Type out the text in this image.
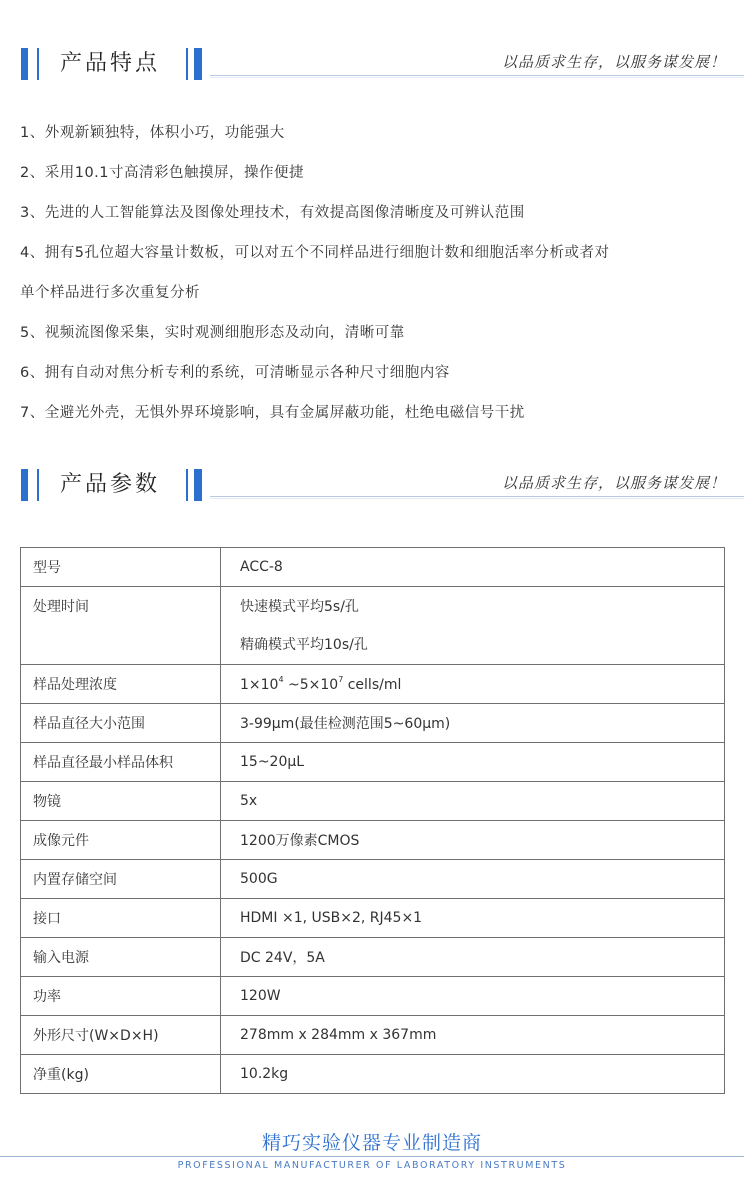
产品特点	以品质求生存，以服务谋发展！
1、外观新颖独特，体积小巧，功能强大
2、采用10.1寸高清彩色触摸屏，操作便捷
3、先进的人工智能算法及图像处理技术，有效提高图像清晰度及可辨认范围
4、拥有5孔位超大容量计数板，可以对五个不同样品进行细胞计数和细胞活率分析或者对
单个样品进行多次重复分析
5、视频流图像采集，实时观测细胞形态及动向，清晰可靠
6、拥有自动对焦分析专利的系统，可清晰显示各种尺寸细胞内容
7、全避光外壳，无惧外界环境影响，具有金属屏蔽功能，杜绝电磁信号干扰
产品参数	以品质求生存，以服务谋发展！
型号	ACC-8
处理时间	快速模式平均5s/孔
精确模式平均10s/孔

样品处理浓度	$1\times 10^4$ $\sim 5\times 10^7$ cells/ml
样品直径大小范围	3-99μm(最佳检测范围5~60μm)
样品直径最小样品体积	15~20μL
物镜	5x
成像元件	1200万像素CMOS
内置存储空间	500G
接口	HDMI ×1, USB×2, RJ45×1
输入电源	DC 24V，5A
功率	120W
外形尺寸(W×D×H)	278mm x 284mm x 367mm
净重(kg)	10.2kg
精巧实验仪器专业制造商
PROFESSIONAL MANUFACTURER OF LABORATORY INSTRUMENTS
